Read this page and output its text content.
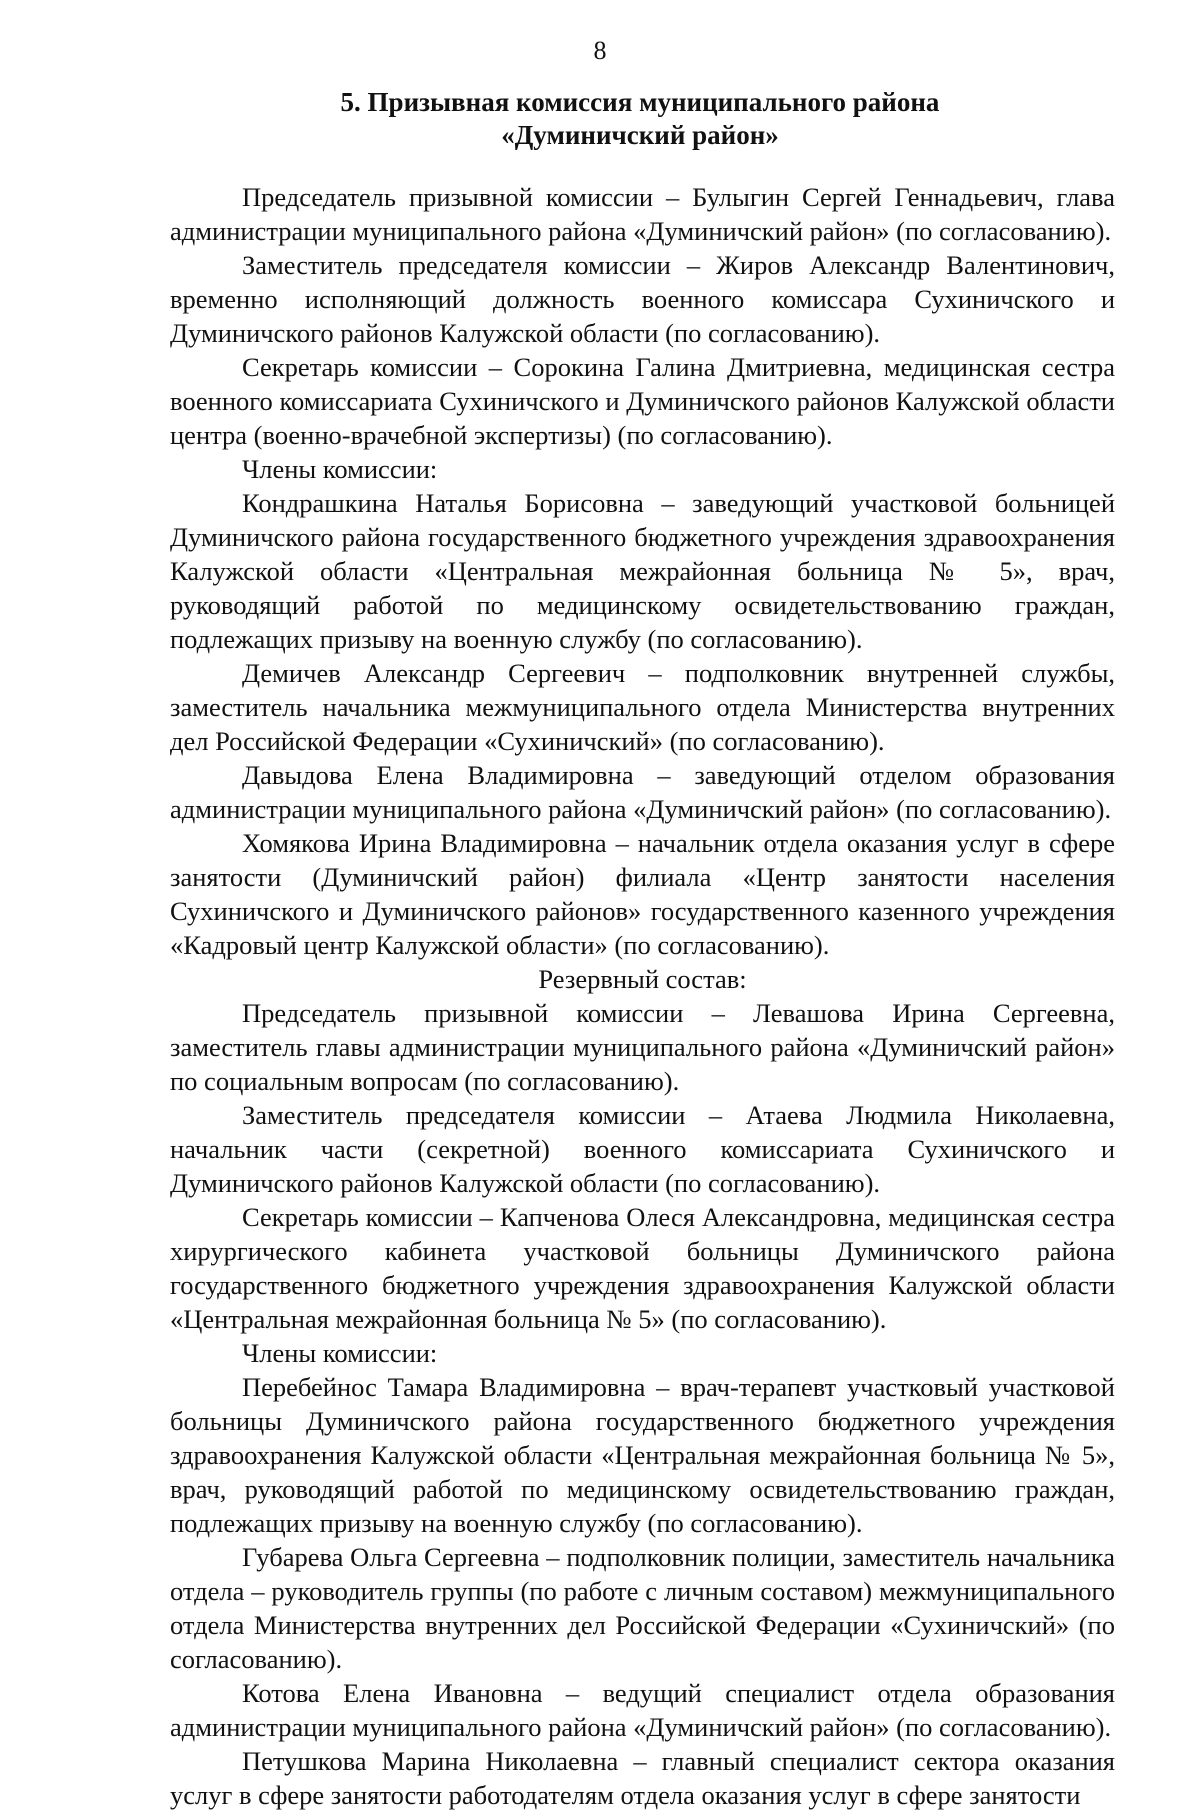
8
5. Призывная комиссия муниципального района
«Думиничский район»

Председатель призывной комиссии – Булыгин Сергей Геннадьевич, глава администрации муниципального района «Думиничский район» (по согласованию).

Заместитель председателя комиссии – Жиров Александр Валентинович, временно исполняющий должность военного комиссара Сухиничского и Думиничского районов Калужской области (по согласованию).

Секретарь комиссии – Сорокина Галина Дмитриевна, медицинская сестра военного комиссариата Сухиничского и Думиничского районов Калужской области центра (военно-врачебной экспертизы) (по согласованию).

Члены комиссии:

Кондрашкина Наталья Борисовна – заведующий участковой больницей Думиничского района государственного бюджетного учреждения здравоохранения Калужской области «Центральная межрайонная больница № 5», врач, руководящий работой по медицинскому освидетельствованию граждан, подлежащих призыву на военную службу (по согласованию).

Демичев Александр Сергеевич – подполковник внутренней службы, заместитель начальника межмуниципального отдела Министерства внутренних дел Российской Федерации «Сухиничский» (по согласованию).

Давыдова Елена Владимировна – заведующий отделом образования администрации муниципального района «Думиничский район» (по согласованию).

Хомякова Ирина Владимировна – начальник отдела оказания услуг в сфере занятости (Думиничский район) филиала «Центр занятости населения Сухиничского и Думиничского районов» государственного казенного учреждения «Кадровый центр Калужской области» (по согласованию).

Резервный состав:

Председатель призывной комиссии – Левашова Ирина Сергеевна, заместитель главы администрации муниципального района «Думиничский район» по социальным вопросам (по согласованию).

Заместитель председателя комиссии – Атаева Людмила Николаевна, начальник части (секретной) военного комиссариата Сухиничского и Думиничского районов Калужской области (по согласованию).

Секретарь комиссии – Капченова Олеся Александровна, медицинская сестра хирургического кабинета участковой больницы Думиничского района государственного бюджетного учреждения здравоохранения Калужской области «Центральная межрайонная больница № 5» (по согласованию).

Члены комиссии:

Перебейнос Тамара Владимировна – врач-терапевт участковый участковой больницы Думиничского района государственного бюджетного учреждения здравоохранения Калужской области «Центральная межрайонная больница № 5», врач, руководящий работой по медицинскому освидетельствованию граждан, подлежащих призыву на военную службу (по согласованию).

Губарева Ольга Сергеевна – подполковник полиции, заместитель начальника отдела – руководитель группы (по работе с личным составом) межмуниципального отдела Министерства внутренних дел Российской Федерации «Сухиничский» (по согласованию).

Котова Елена Ивановна – ведущий специалист отдела образования администрации муниципального района «Думиничский район» (по согласованию).

Петушкова Марина Николаевна – главный специалист сектора оказания услуг в сфере занятости работодателям отдела оказания услуг в сфере занятости
